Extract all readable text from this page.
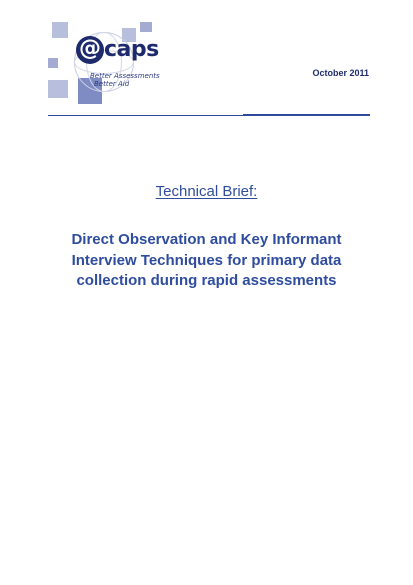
@ caps
Better Assessments
Better Aid
October 2011
Technical Brief:
Direct Observation and Key Informant
Interview Techniques for primary data
collection during rapid assessments
